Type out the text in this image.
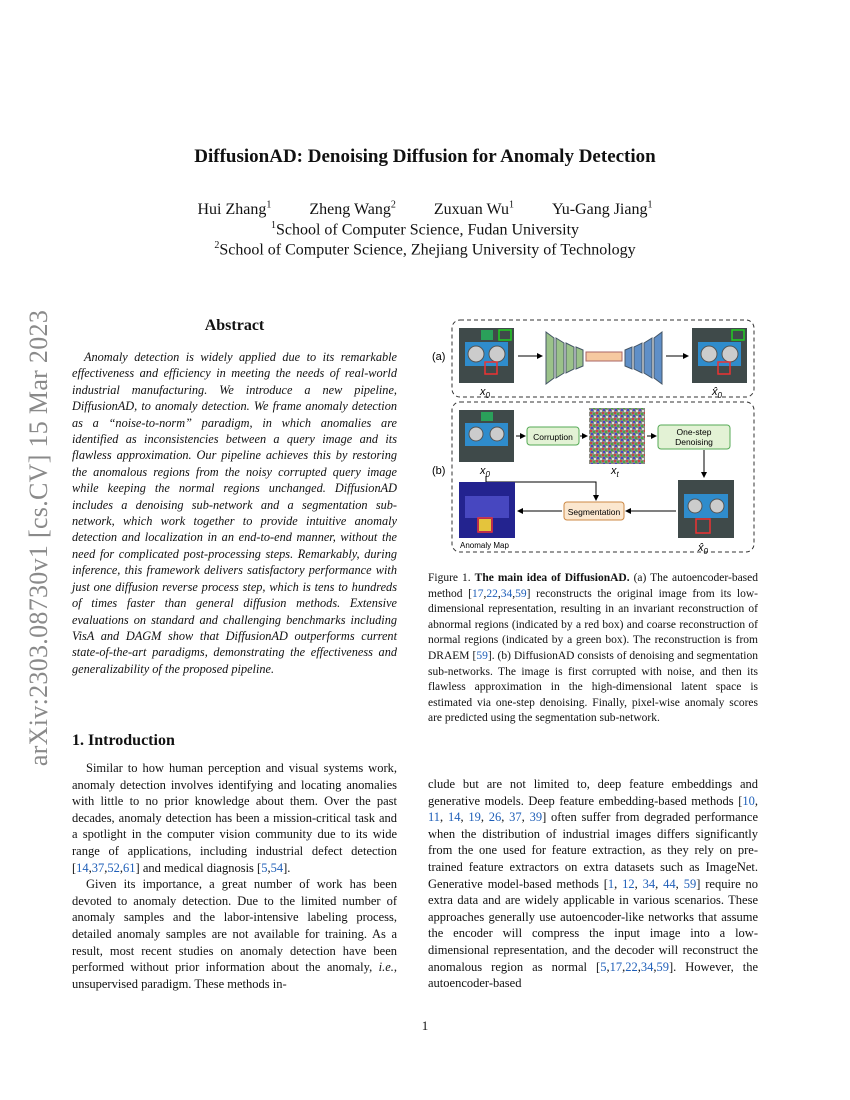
arXiv:2303.08730v1 [cs.CV] 15 Mar 2023
DiffusionAD: Denoising Diffusion for Anomaly Detection
Hui Zhang$^1$ Zheng Wang$^2$ Zuxuan Wu$^1$ Yu-Gang Jiang$^1$
$^1$School of Computer Science, Fudan University
$^2$School of Computer Science, Zhejiang University of Technology
Abstract

Anomaly detection is widely applied due to its remarkable effectiveness and efficiency in meeting the needs of real-world industrial manufacturing. We introduce a new pipeline, DiffusionAD, to anomaly detection. We frame anomaly detection as a “noise-to-norm” paradigm, in which anomalies are identified as inconsistencies between a query image and its flawless approximation. Our pipeline achieves this by restoring the anomalous regions from the noisy corrupted query image while keeping the normal regions unchanged. DiffusionAD includes a denoising sub-network and a segmentation sub-network, which work together to provide intuitive anomaly detection and localization in an end-to-end manner, without the need for complicated post-processing steps. Remarkably, during inference, this framework delivers satisfactory performance with just one diffusion reverse process step, which is tens to hundreds of times faster than general diffusion methods. Extensive evaluations on standard and challenging benchmarks including VisA and DAGM show that DiffusionAD outperforms current state-of-the-art paradigms, demonstrating the effectiveness and generalizability of the proposed pipeline.

(a)
$x_0$	$x̂_0$
(b)	$x_0$
Corruption
$x_t$
One-step
Denoising
$x̂_0$
Segmentation
Anomaly Map

Figure 1. The main idea of DiffusionAD. (a) The autoencoder-based method [17,22,34,59] reconstructs the original image from its low-dimensional representation, resulting in an invariant reconstruction of abnormal regions (indicated by a red box) and coarse reconstruction of normal regions (indicated by a green box). The reconstruction is from DRAEM [59]. (b) DiffusionAD consists of denoising and segmentation sub-networks. The image is first corrupted with noise, and then its flawless approximation in the high-dimensional latent space is estimated via one-step denoising. Finally, pixel-wise anomaly scores are predicted using the segmentation sub-network.

1. Introduction

Similar to how human perception and visual systems work, anomaly detection involves identifying and locating anomalies with little to no prior knowledge about them. Over the past decades, anomaly detection has been a mission-critical task and a spotlight in the computer vision community due to its wide range of applications, including industrial defect detection [14,37,52,61] and medical diagnosis [5,54].

Given its importance, a great number of work has been devoted to anomaly detection. Due to the limited number of anomaly samples and the labor-intensive labeling process, detailed anomaly samples are not available for training. As a result, most recent studies on anomaly detection have been performed without prior information about the anomaly, i.e., unsupervised paradigm. These methods in-

clude but are not limited to, deep feature embeddings and generative models. Deep feature embedding-based methods [10, 11, 14, 19, 26, 37, 39] often suffer from degraded performance when the distribution of industrial images differs significantly from the one used for feature extraction, as they rely on pre-trained feature extractors on extra datasets such as ImageNet. Generative model-based methods [1, 12, 34, 44, 59] require no extra data and are widely applicable in various scenarios. These approaches generally use autoencoder-like networks that assume the encoder will compress the input image into a low-dimensional representation, and the decoder will reconstruct the anomalous region as normal [5,17,22,34,59]. However, the autoencoder-based

1
